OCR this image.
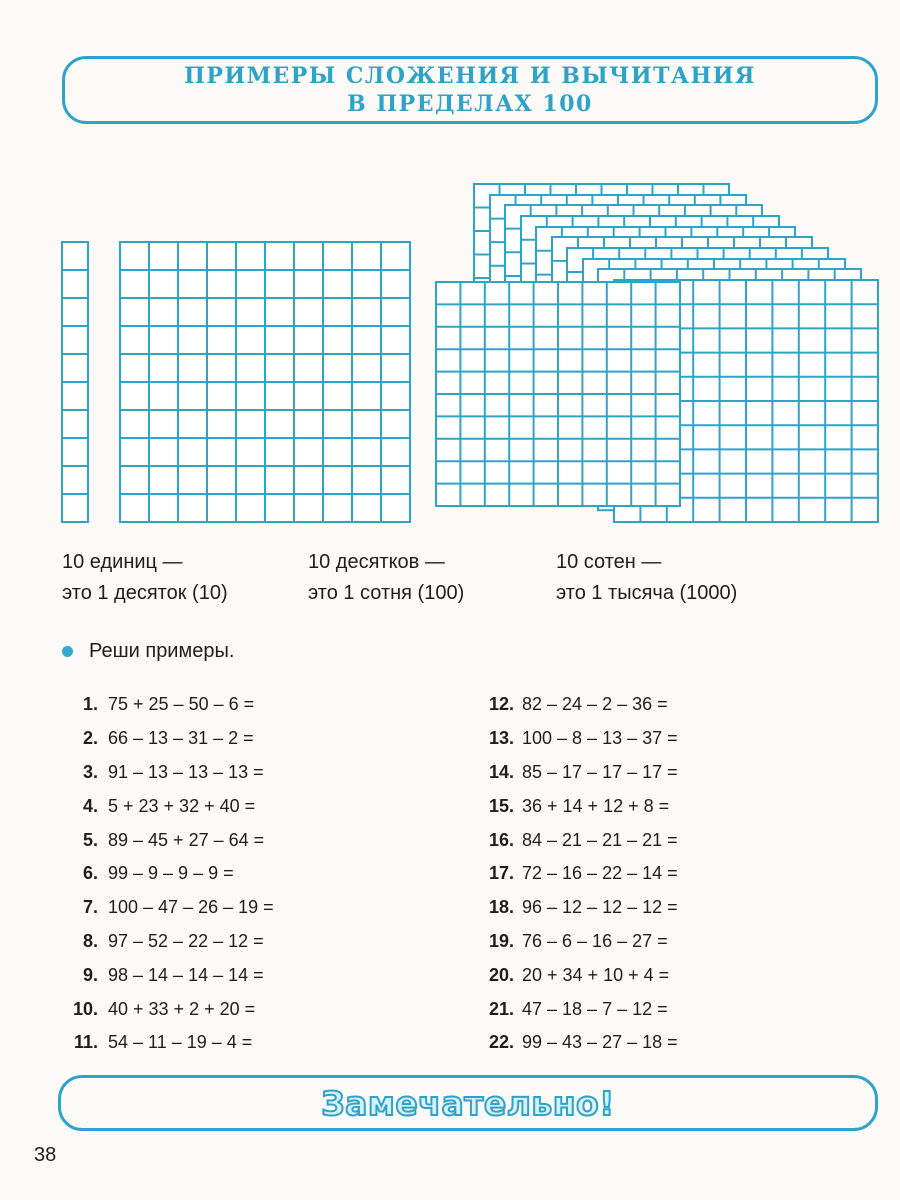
ПРИМЕРЫ СЛОЖЕНИЯ И ВЫЧИТАНИЯ
В ПРЕДЕЛАХ 100
10 единиц —
это 1 десяток (10)
10 десятков —
это 1 сотня (100)
10 сотен —
это 1 тысяча (1000)
Реши примеры.
1. 75 + 25 – 50 – 6 =
2. 66 – 13 – 31 – 2 =
3. 91 – 13 – 13 – 13 =
4. 5 + 23 + 32 + 40 =
5. 89 – 45 + 27 – 64 =
6. 99 – 9 – 9 – 9 =
7. 100 – 47 – 26 – 19 =
8. 97 – 52 – 22 – 12 =
9. 98 – 14 – 14 – 14 =
10. 40 + 33 + 2 + 20 =
11. 54 – 11 – 19 – 4 =
12. 82 – 24 – 2 – 36 =
13. 100 – 8 – 13 – 37 =
14. 85 – 17 – 17 – 17 =
15. 36 + 14 + 12 + 8 =
16. 84 – 21 – 21 – 21 =
17. 72 – 16 – 22 – 14 =
18. 96 – 12 – 12 – 12 =
19. 76 – 6 – 16 – 27 =
20. 20 + 34 + 10 + 4 =
21. 47 – 18 – 7 – 12 =
22. 99 – 43 – 27 – 18 =
Замечательно!
38
